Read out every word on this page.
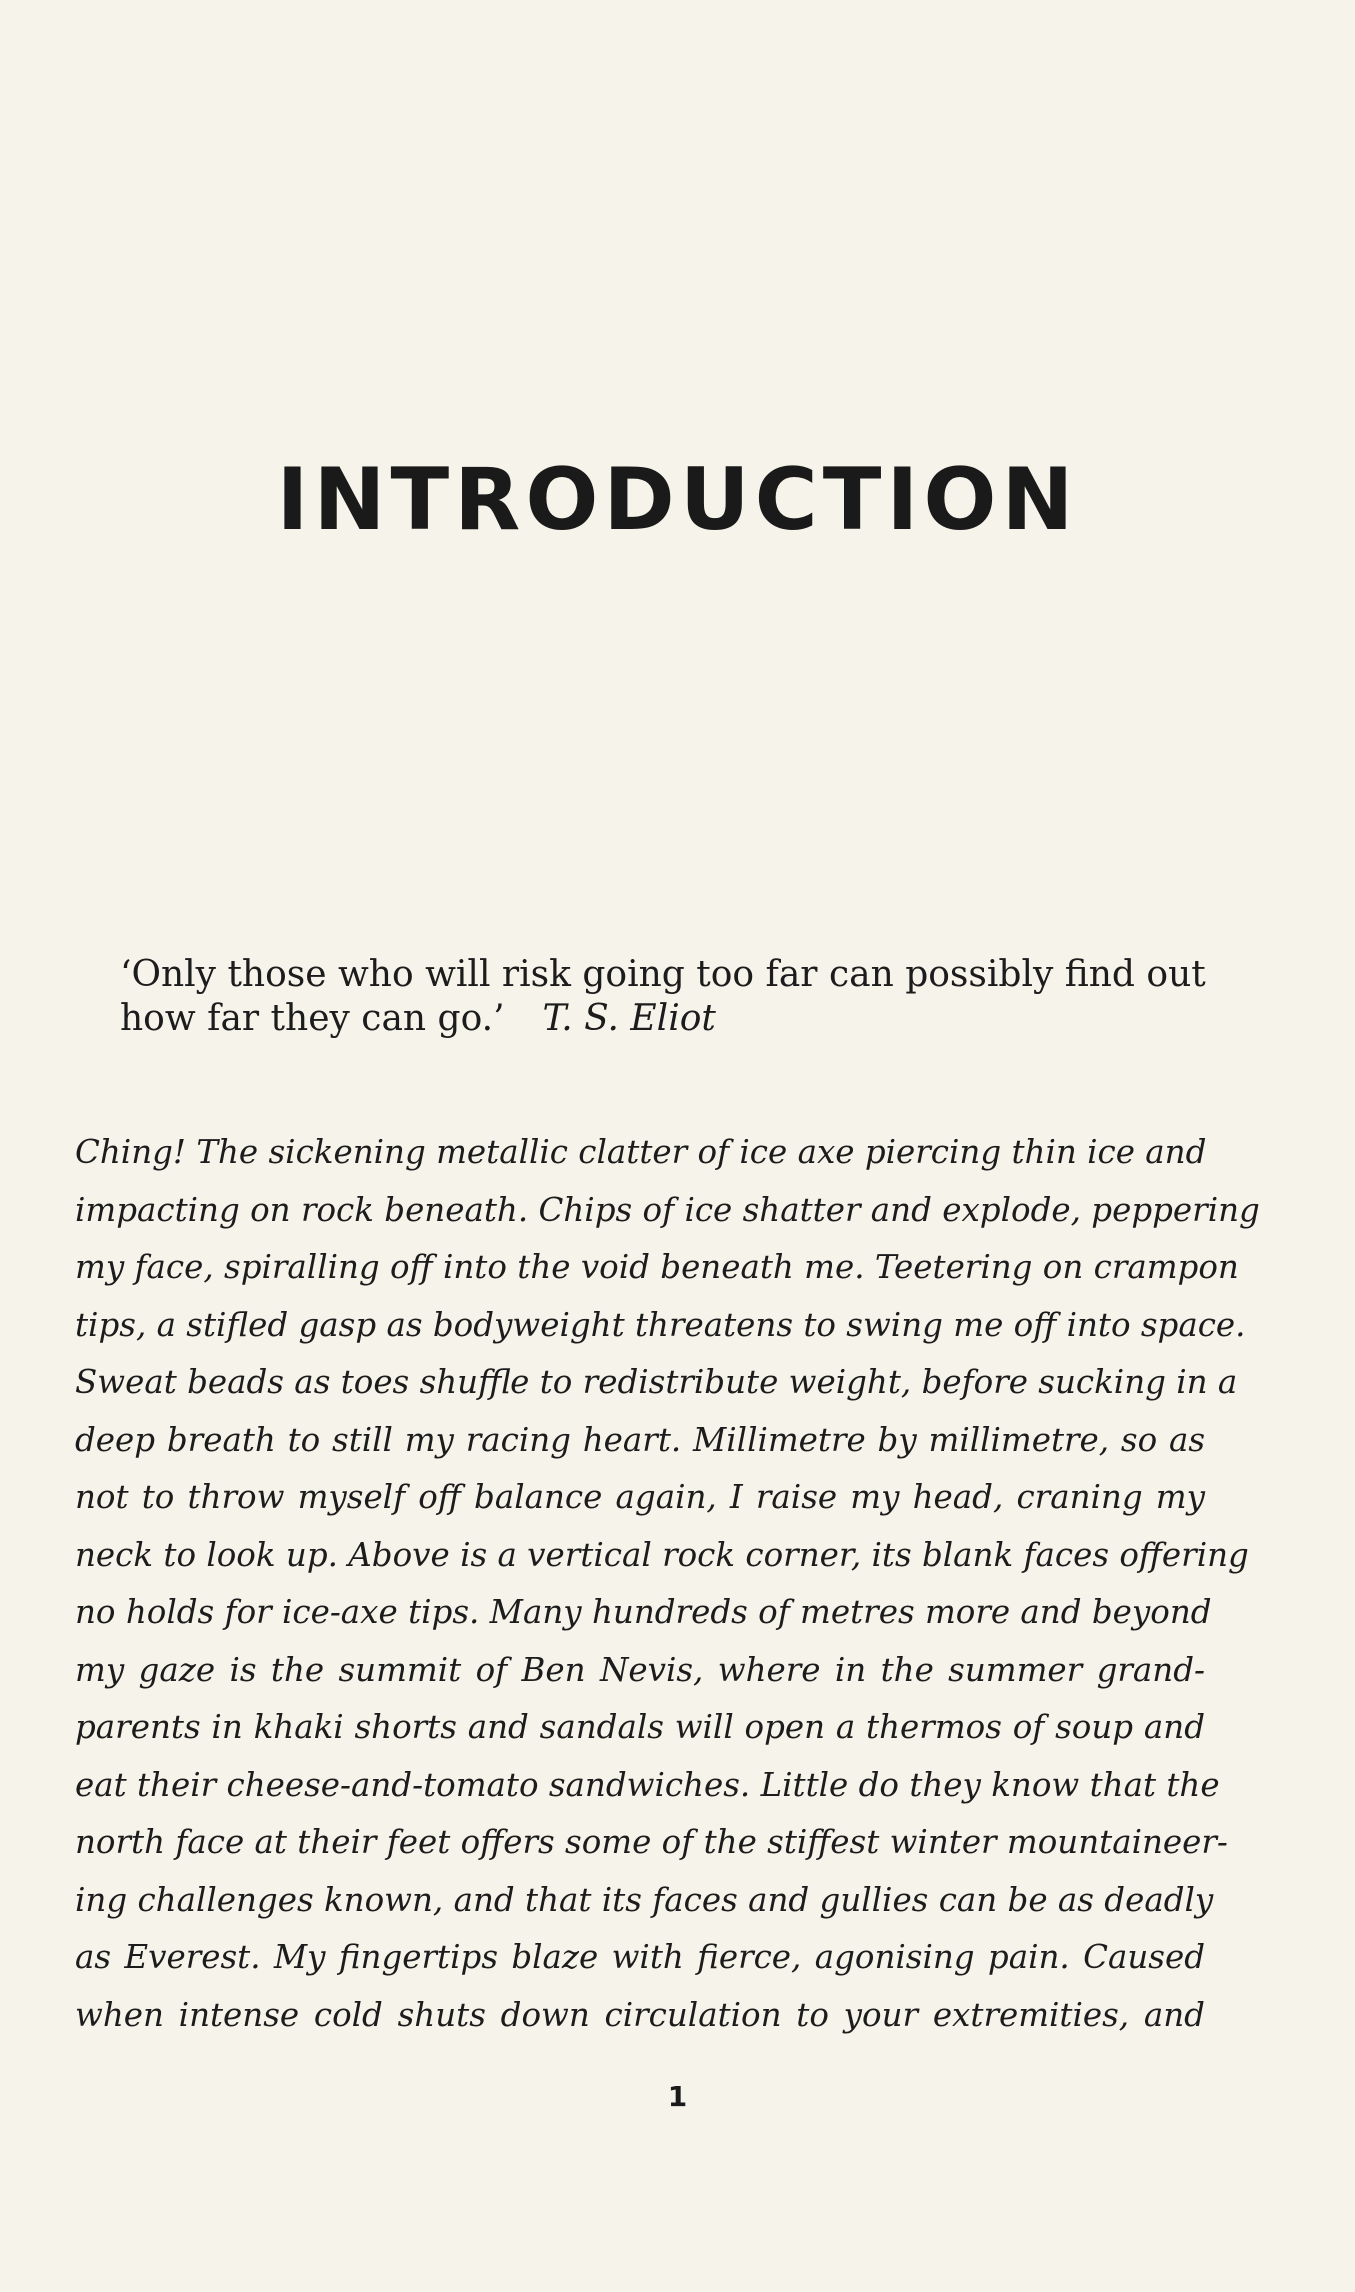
INTRODUCTION
‘Only those who will risk going too far can possibly find out
how far they can go.’ T. S. Eliot
Ching! The sickening metallic clatter of ice axe piercing thin ice and
impacting on rock beneath. Chips of ice shatter and explode, peppering
my face, spiralling off into the void beneath me. Teetering on crampon
tips, a stifled gasp as bodyweight threatens to swing me off into space.
Sweat beads as toes shuffle to redistribute weight, before sucking in a
deep breath to still my racing heart. Millimetre by millimetre, so as
not to throw myself off balance again, I raise my head, craning my
neck to look up. Above is a vertical rock corner, its blank faces offering
no holds for ice-axe tips. Many hundreds of metres more and beyond
my gaze is the summit of Ben Nevis, where in the summer grand-
parents in khaki shorts and sandals will open a thermos of soup and
eat their cheese-and-tomato sandwiches. Little do they know that the
north face at their feet offers some of the stiffest winter mountaineer-
ing challenges known, and that its faces and gullies can be as deadly
as Everest. My fingertips blaze with fierce, agonising pain. Caused
when intense cold shuts down circulation to your extremities, and
1
